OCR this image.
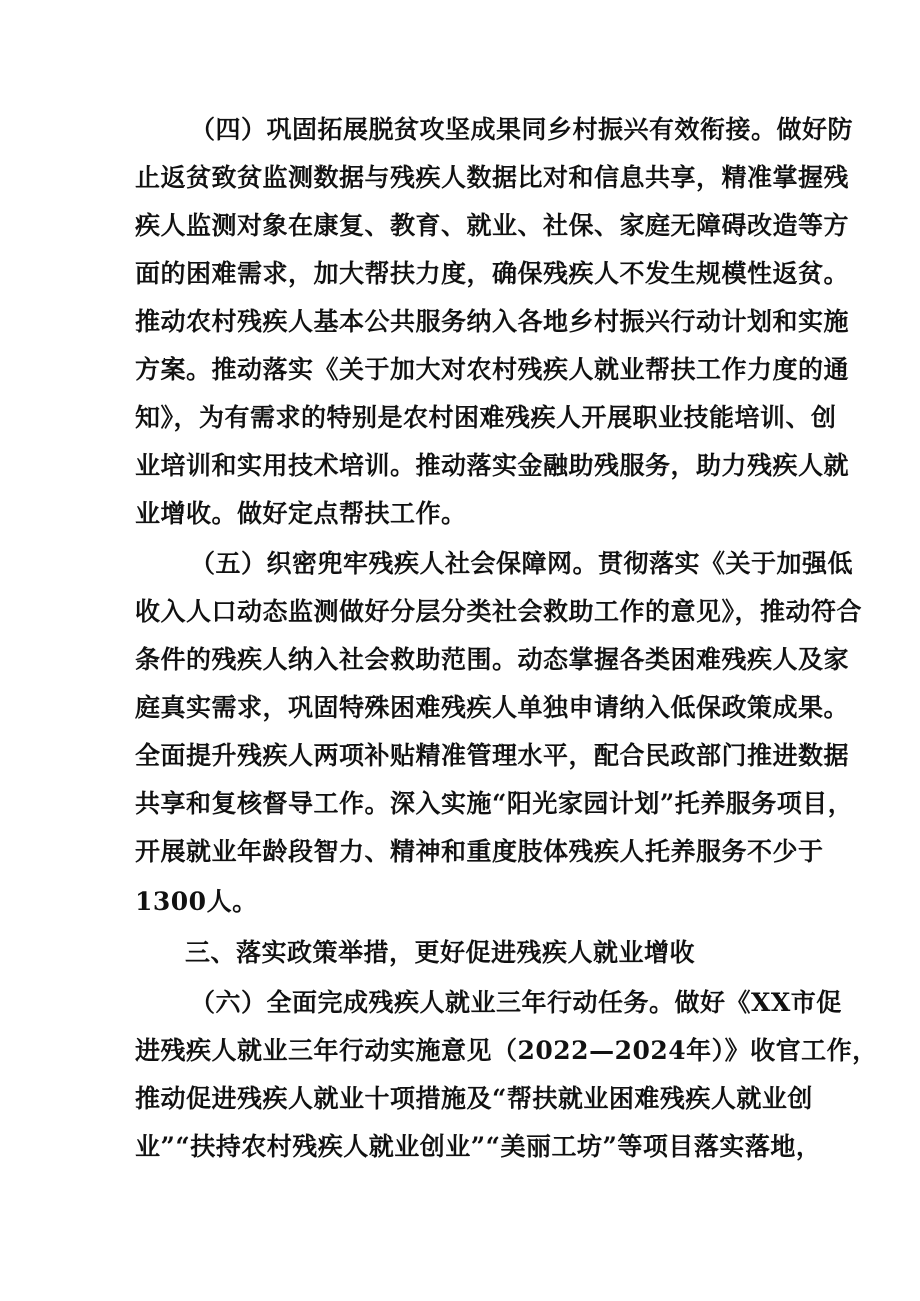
（四）巩固拓展脱贫攻坚成果同乡村振兴有效衔接。做好防
止返贫致贫监测数据与残疾人数据比对和信息共享，精准掌握残
疾人监测对象在康复、教育、就业、社保、家庭无障碍改造等方
面的困难需求，加大帮扶力度，确保残疾人不发生规模性返贫。
推动农村残疾人基本公共服务纳入各地乡村振兴行动计划和实施
方案。推动落实《关于加大对农村残疾人就业帮扶工作力度的通
知》，为有需求的特别是农村困难残疾人开展职业技能培训、创
业培训和实用技术培训。推动落实金融助残服务，助力残疾人就
业增收。做好定点帮扶工作。
（五）织密兜牢残疾人社会保障网。贯彻落实《关于加强低
收入人口动态监测做好分层分类社会救助工作的意见》，推动符合
条件的残疾人纳入社会救助范围。动态掌握各类困难残疾人及家
庭真实需求，巩固特殊困难残疾人单独申请纳入低保政策成果。
全面提升残疾人两项补贴精准管理水平，配合民政部门推进数据
共享和复核督导工作。深入实施“阳光家园计划”托养服务项目，
开展就业年龄段智力、精神和重度肢体残疾人托养服务不少于
1300人。
三、落实政策举措，更好促进残疾人就业增收
（六）全面完成残疾人就业三年行动任务。做好《XX市促
进残疾人就业三年行动实施意见（2022—2024年）》收官工作，
推动促进残疾人就业十项措施及“帮扶就业困难残疾人就业创
业”“扶持农村残疾人就业创业”“美丽工坊”等项目落实落地，
